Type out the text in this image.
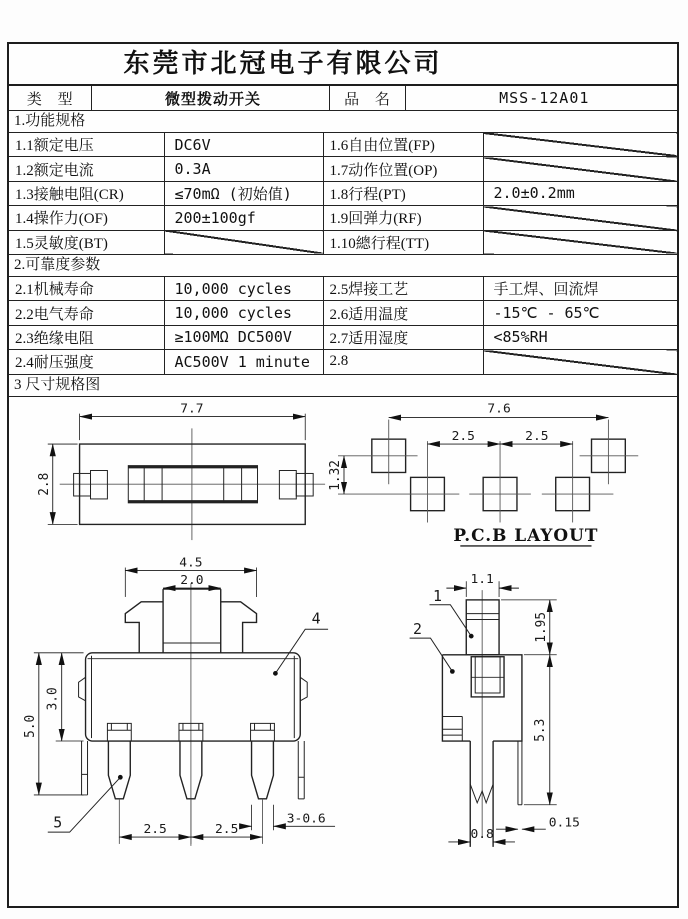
东莞市北冠电子有限公司
类 型	微型拨动开关	品 名	MSS-12A01
1.功能规格
1.1额定电压	DC6V	1.6自由位置(FP)	
1.2额定电流	0.3A	1.7动作位置(OP)	
1.3接触电阻(CR)	≤70mΩ (初始值)	1.8行程(PT)	2.0±0.2mm
1.4操作力(OF)	200±100gf	1.9回弹力(RF)	
1.5灵敏度(BT)		1.10總行程(TT)	
2.可靠度参数
2.1机械寿命	10,000 cycles	2.5焊接工艺	手工焊、回流焊
2.2电气寿命	10,000 cycles	2.6适用温度	-15℃ - 65℃
2.3绝缘电阻	≥100MΩ DC500V	2.7适用湿度	<85%RH
2.4耐压强度	AC500V 1 minute	2.8	
3 尺寸规格图
7.7
2.8
7.6
2.5	2.5
1.32
P.C.B LAYOUT
4.5
2.0
3.0
5.0
2.5	2.5
3-0.6
4
5
1.1
1.95
5.3
0.15
0.8
1
2
